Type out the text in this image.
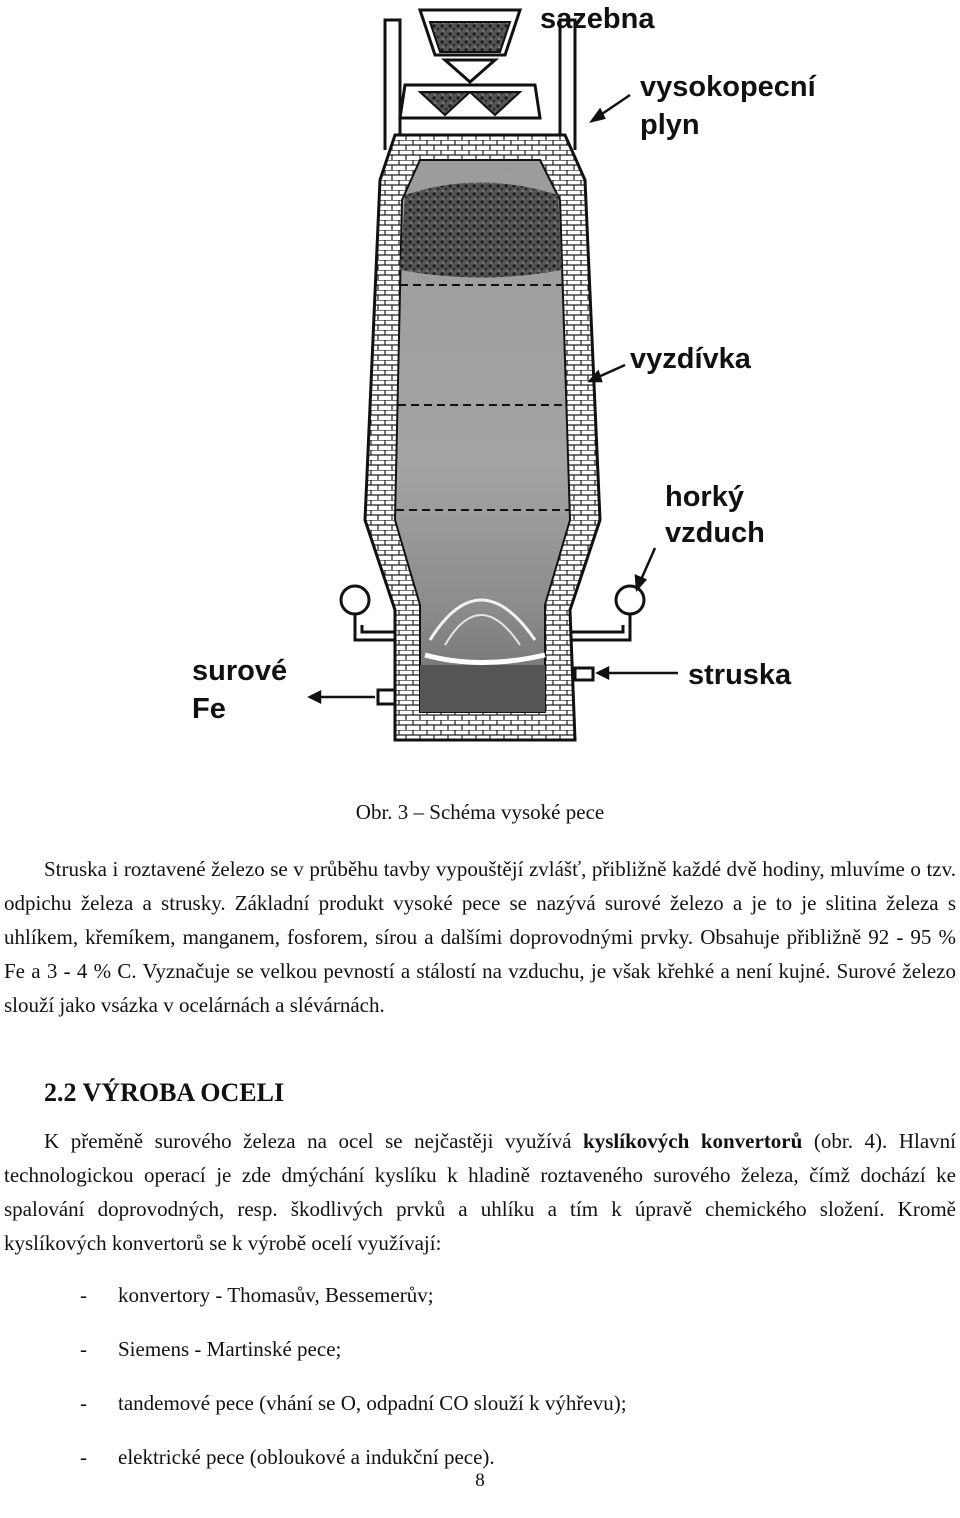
sazebna
vysokopecní
plyn
vyzdívka
horký
vzduch
struska
surové
Fe
Obr. 3 – Schéma vysoké pece

Struska i roztavené železo se v průběhu tavby vypouštějí zvlášť, přibližně každé dvě hodiny, mluvíme o tzv. odpichu železa a strusky. Základní produkt vysoké pece se nazývá surové železo a je to je slitina železa s uhlíkem, křemíkem, manganem, fosforem, sírou a dalšími doprovodnými prvky. Obsahuje přibližně 92 - 95 % Fe a 3 - 4 % C. Vyznačuje se velkou pevností a stálostí na vzduchu, je však křehké a není kujné. Surové železo slouží jako vsázka v ocelárnách a slévárnách.

2.2 VÝROBA OCELI

K přeměně surového železa na ocel se nejčastěji využívá kyslíkových konvertorů (obr. 4). Hlavní technologickou operací je zde dmýchání kyslíku k hladině roztaveného surového železa, čímž dochází ke spalování doprovodných, resp. škodlivých prvků a uhlíku a tím k úpravě chemického složení. Kromě kyslíkových konvertorů se k výrobě ocelí využívají:

- konvertory - Thomasův, Bessemerův;
- Siemens - Martinské pece;
- tandemové pece (vhání se O, odpadní CO slouží k výhřevu);
- elektrické pece (obloukové a indukční pece).
8
